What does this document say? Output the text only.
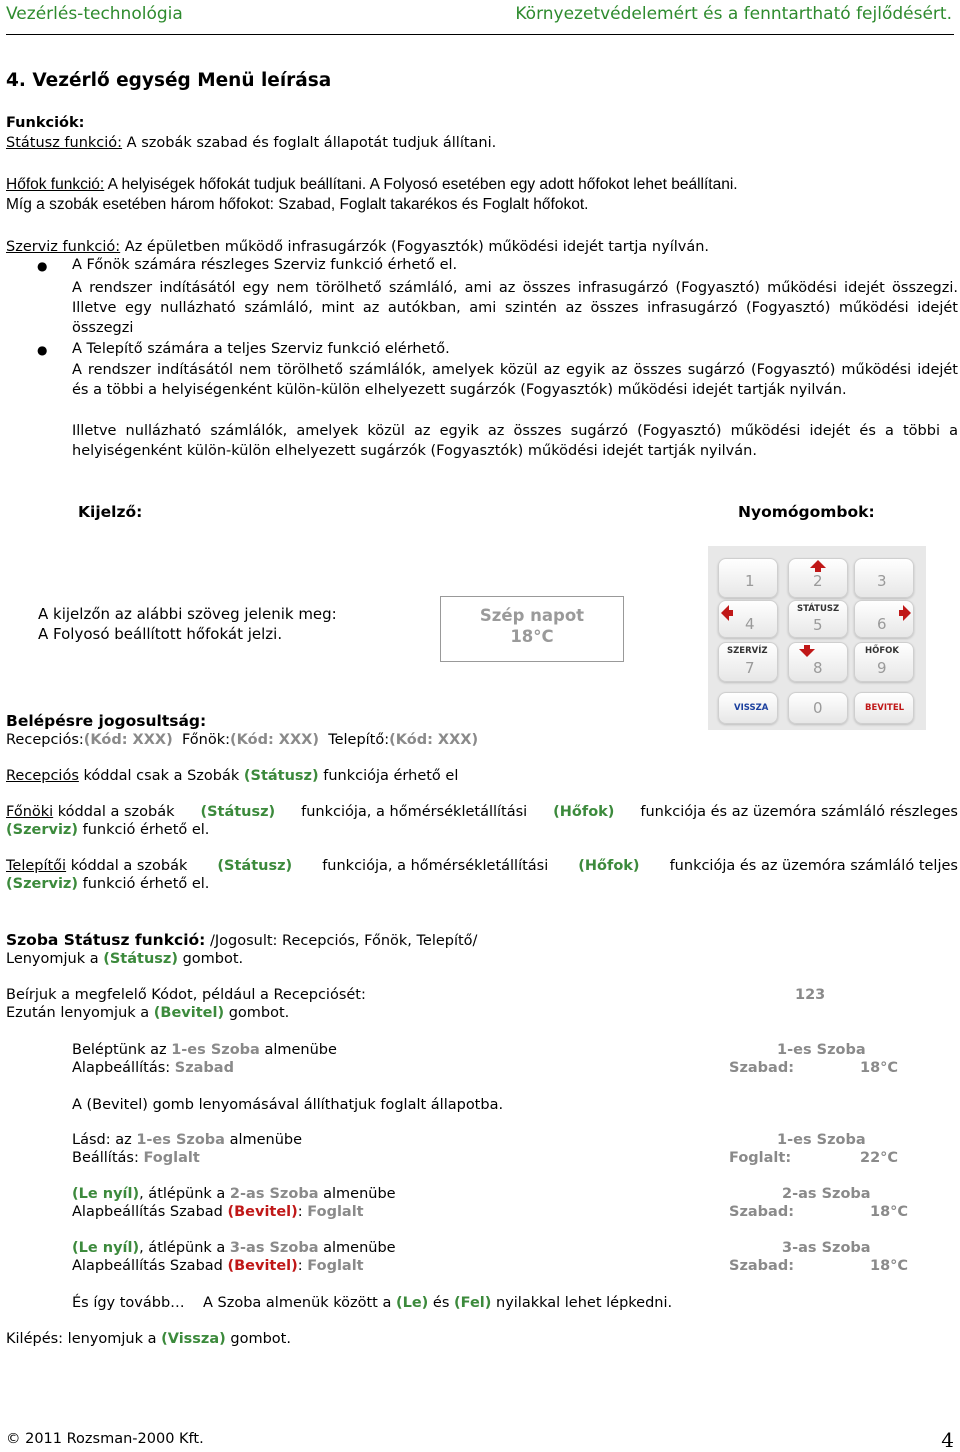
Vezérlés-technológia	Környezetvédelemért és a fenntartható fejlődésért.
4. Vezérlő egység Menü leírása
Funkciók:
Státusz funkció: A szobák szabad és foglalt állapotát tudjuk állítani.
Hőfok funkció: A helyiségek hőfokát tudjuk beállítani. A Folyosó esetében egy adott hőfokot lehet beállítani.
Míg a szobák esetében három hőfokot: Szabad, Foglalt takarékos és Foglalt hőfokot.
Szerviz funkció: Az épületben működő infrasugárzók (Fogyasztók) működési idejét tartja nyílván.
● A Főnök számára részleges Szerviz funkció érhető el.
A rendszer indításától egy nem törölhető számláló, ami az összes infrasugárzó (Fogyasztó) működési idejét összegzi. Illetve egy nullázható számláló, mint az autókban, ami szintén az összes infrasugárzó (Fogyasztó) működési idejét összegzi
● A Telepítő számára a teljes Szerviz funkció elérhető.
A rendszer indításától nem törölhető számlálók, amelyek közül az egyik az összes sugárzó (Fogyasztó) működési idejét és a többi a helyiségenként külön-külön elhelyezett sugárzók (Fogyasztók) működési idejét tartják nyilván.
Illetve nullázható számlálók, amelyek közül az egyik az összes sugárzó (Fogyasztó) működési idejét és a többi a helyiségenként külön-külön elhelyezett sugárzók (Fogyasztók) működési idejét tartják nyilván.
Kijelző:	Nyomógombok:
A kijelzőn az alábbi szöveg jelenik meg:
A Folyosó beállított hőfokát jelzi.
Szép napot
18°C
1	2	3
4
STÁTUSZ
5	6
SZERVÍZ
7	8
HŐFOK
9
VISSZA	0	BEVITEL
Belépésre jogosultság:
Recepciós:(Kód: XXX) Főnök:(Kód: XXX) Telepítő:(Kód: XXX)
Recepciós kóddal csak a Szobák (Státusz) funkciója érhető el
Főnöki kóddal a szobák (Státusz) funkciója, a hőmérsékletállítási (Hőfok) funkciója és az üzemóra számláló részleges
(Szerviz) funkció érhető el.
Telepítői kóddal a szobák (Státusz) funkciója, a hőmérsékletállítási (Hőfok) funkciója és az üzemóra számláló teljes
(Szerviz) funkció érhető el.
Szoba Státusz funkció: /Jogosult: Recepciós, Főnök, Telepítő/
Lenyomjuk a (Státusz) gombot.
Beírjuk a megfelelő Kódot, például a Recepciósét:	123
Ezután lenyomjuk a (Bevitel) gombot.
Beléptünk az 1-es Szoba almenübe	1-es Szoba
Alapbeállítás: Szabad	Szabad:	18°C
A (Bevitel) gomb lenyomásával állíthatjuk foglalt állapotba.
Lásd: az 1-es Szoba almenübe	1-es Szoba
Beállítás: Foglalt	Foglalt:	22°C
(Le nyíl), átlépünk a 2-as Szoba almenübe	2-as Szoba
Alapbeállítás Szabad (Bevitel): Foglalt	Szabad:	18°C
(Le nyíl), átlépünk a 3-as Szoba almenübe	3-as Szoba
Alapbeállítás Szabad (Bevitel): Foglalt	Szabad:	18°C
És így tovább… A Szoba almenük között a (Le) és (Fel) nyilakkal lehet lépkedni.
Kilépés: lenyomjuk a (Vissza) gombot.
© 2011 Rozsman-2000 Kft.	4
